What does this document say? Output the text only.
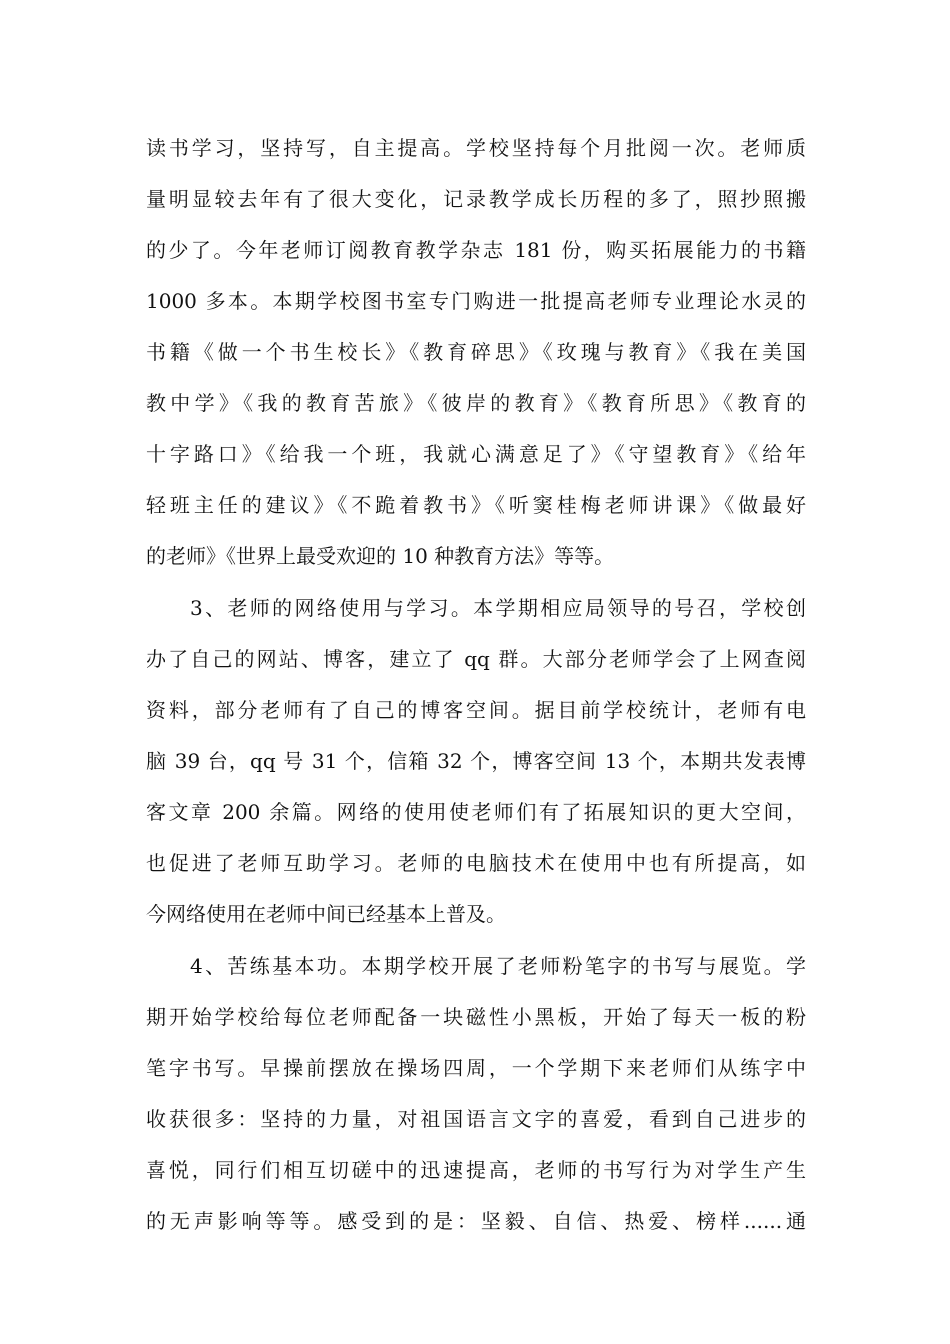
读书学习，坚持写，自主提高。学校坚持每个月批阅一次。老师质
量明显较去年有了很大变化，记录教学成长历程的多了，照抄照搬
的少了。今年老师订阅教育教学杂志 181 份，购买拓展能力的书籍
1000 多本。本期学校图书室专门购进一批提高老师专业理论水灵的
书籍《做一个书生校长》《教育碎思》《玫瑰与教育》《我在美国
教中学》《我的教育苦旅》《彼岸的教育》《教育所思》《教育的
十字路口》《给我一个班，我就心满意足了》《守望教育》《给年
轻班主任的建议》《不跪着教书》《听窦桂梅老师讲课》《做最好
的老师》《世界上最受欢迎的 10 种教育方法》等等。
3、老师的网络使用与学习。本学期相应局领导的号召，学校创
办了自己的网站、博客，建立了 qq 群。大部分老师学会了上网查阅
资料，部分老师有了自己的博客空间。据目前学校统计，老师有电
脑 39 台，qq 号 31 个，信箱 32 个，博客空间 13 个，本期共发表博
客文章 200 余篇。网络的使用使老师们有了拓展知识的更大空间，
也促进了老师互助学习。老师的电脑技术在使用中也有所提高，如
今网络使用在老师中间已经基本上普及。
4、苦练基本功。本期学校开展了老师粉笔字的书写与展览。学
期开始学校给每位老师配备一块磁性小黑板，开始了每天一板的粉
笔字书写。早操前摆放在操场四周，一个学期下来老师们从练字中
收获很多：坚持的力量，对祖国语言文字的喜爱，看到自己进步的
喜悦，同行们相互切磋中的迅速提高，老师的书写行为对学生产生
的无声影响等等。感受到的是：坚毅、自信、热爱、榜样......通
